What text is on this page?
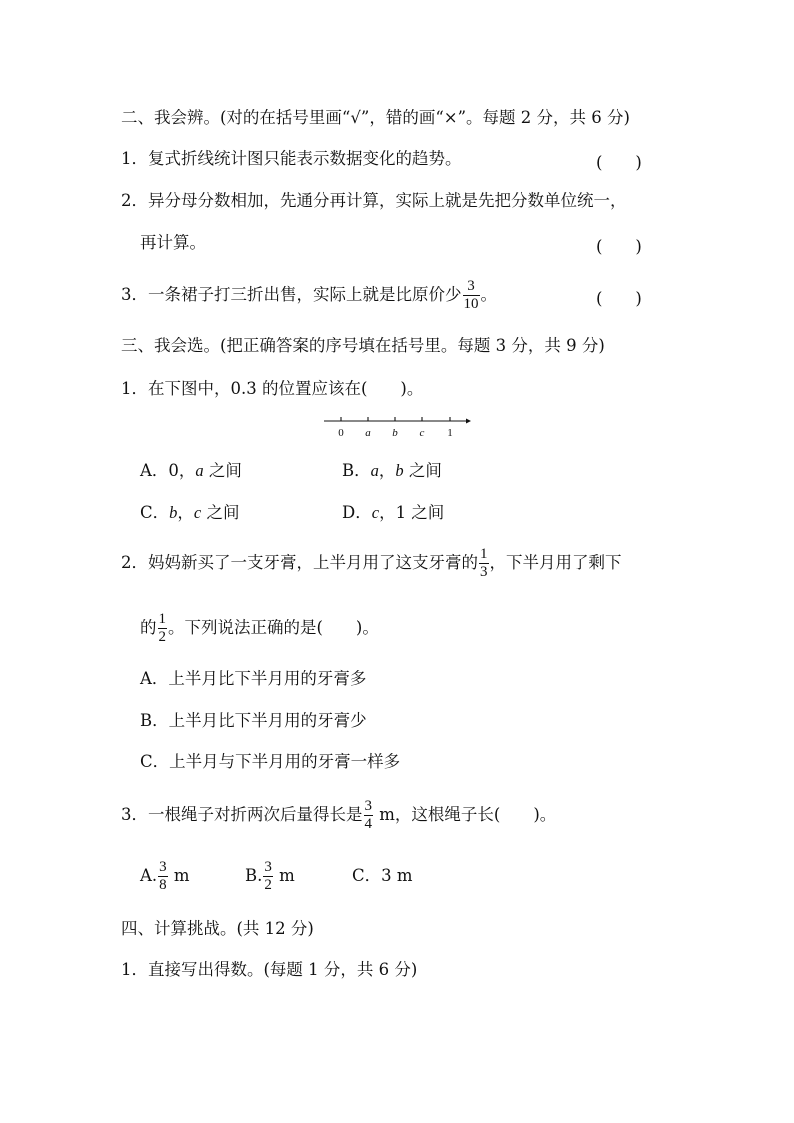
二、我会辨。(对的在括号里画“√”，错的画“×”。每题 2 分，共 6 分)
1．复式折线统计图只能表示数据变化的趋势。	(　　)
2．异分母分数相加，先通分再计算，实际上就是先把分数单位统一，
再计算。	(　　)
3．一条裙子打三折出售，实际上就是比原价少 $\frac{3}{10}$ 。	(　　)
三、我会选。(把正确答案的序号填在括号里。每题 3 分，共 9 分)
1．在下图中，0.3 的位置应该在(　　)。
0 a b c 1
A．0，a 之间	B．a，b 之间
C．b，c 之间	D．c，1 之间
2．妈妈新买了一支牙膏，上半月用了这支牙膏的 $\frac{1}{3}$ ，下半月用了剩下
的 $\frac{1}{2}$ 。下列说法正确的是(　　)。
A．上半月比下半月用的牙膏多
B．上半月比下半月用的牙膏少
C．上半月与下半月用的牙膏一样多
3．一根绳子对折两次后量得长是 $\frac{3}{4}$ m，这根绳子长(　　)。
A. $\frac{3}{8}$ m	B. $\frac{3}{2}$ m	C．3 m
四、计算挑战。(共 12 分)
1．直接写出得数。(每题 1 分，共 6 分)
